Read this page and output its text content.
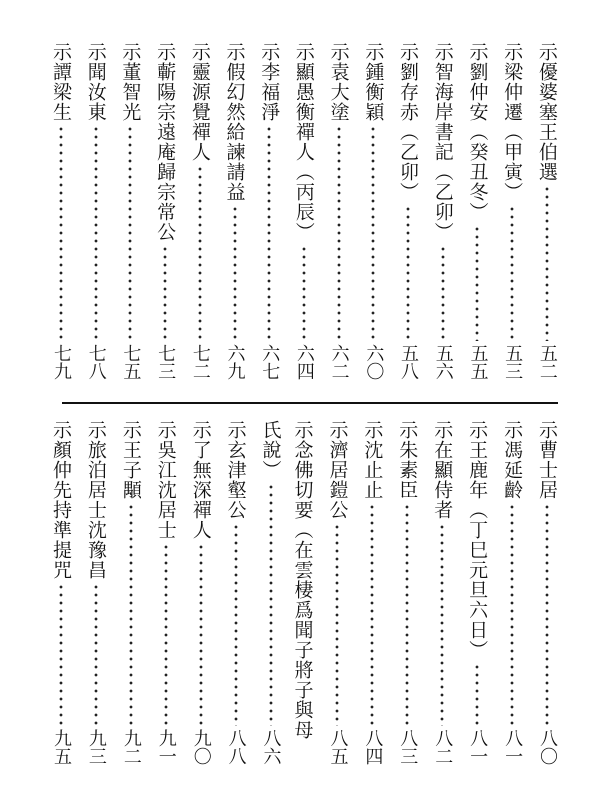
示優婆塞王伯選
五二
示梁仲遷（甲寅）
五三
示劉仲安（癸丑冬）
五五
示智海岸書記（乙卯）
五六
示劉存赤（乙卯）
五八
示鍾衡穎
六〇
示袁大塗
六二
示顯愚衡禪人（丙辰）
六四
示李福淨
六七
示假幻然給諫請益
六九
示靈源覺禪人
七二
示蘄陽宗遠庵歸宗常公
七三
示董智光
七五
示聞汝東
七八
示譚梁生
七九
示曹士居
八〇
示馮延齡
八一
示王鹿年（丁巳元旦六日）
八一
示在顯侍者
八二
示朱素臣
八三
示沈止止
八四
示濟居鎧公
八五
示念佛切要（在雲棲爲聞子將子與母
氏說）
八六
示玄津壑公
八八
示了無深禪人
九〇
示吳江沈居士
九一
示王子顒
九二
示旅泊居士沈豫昌
九三
示顏仲先持準提咒
九五
